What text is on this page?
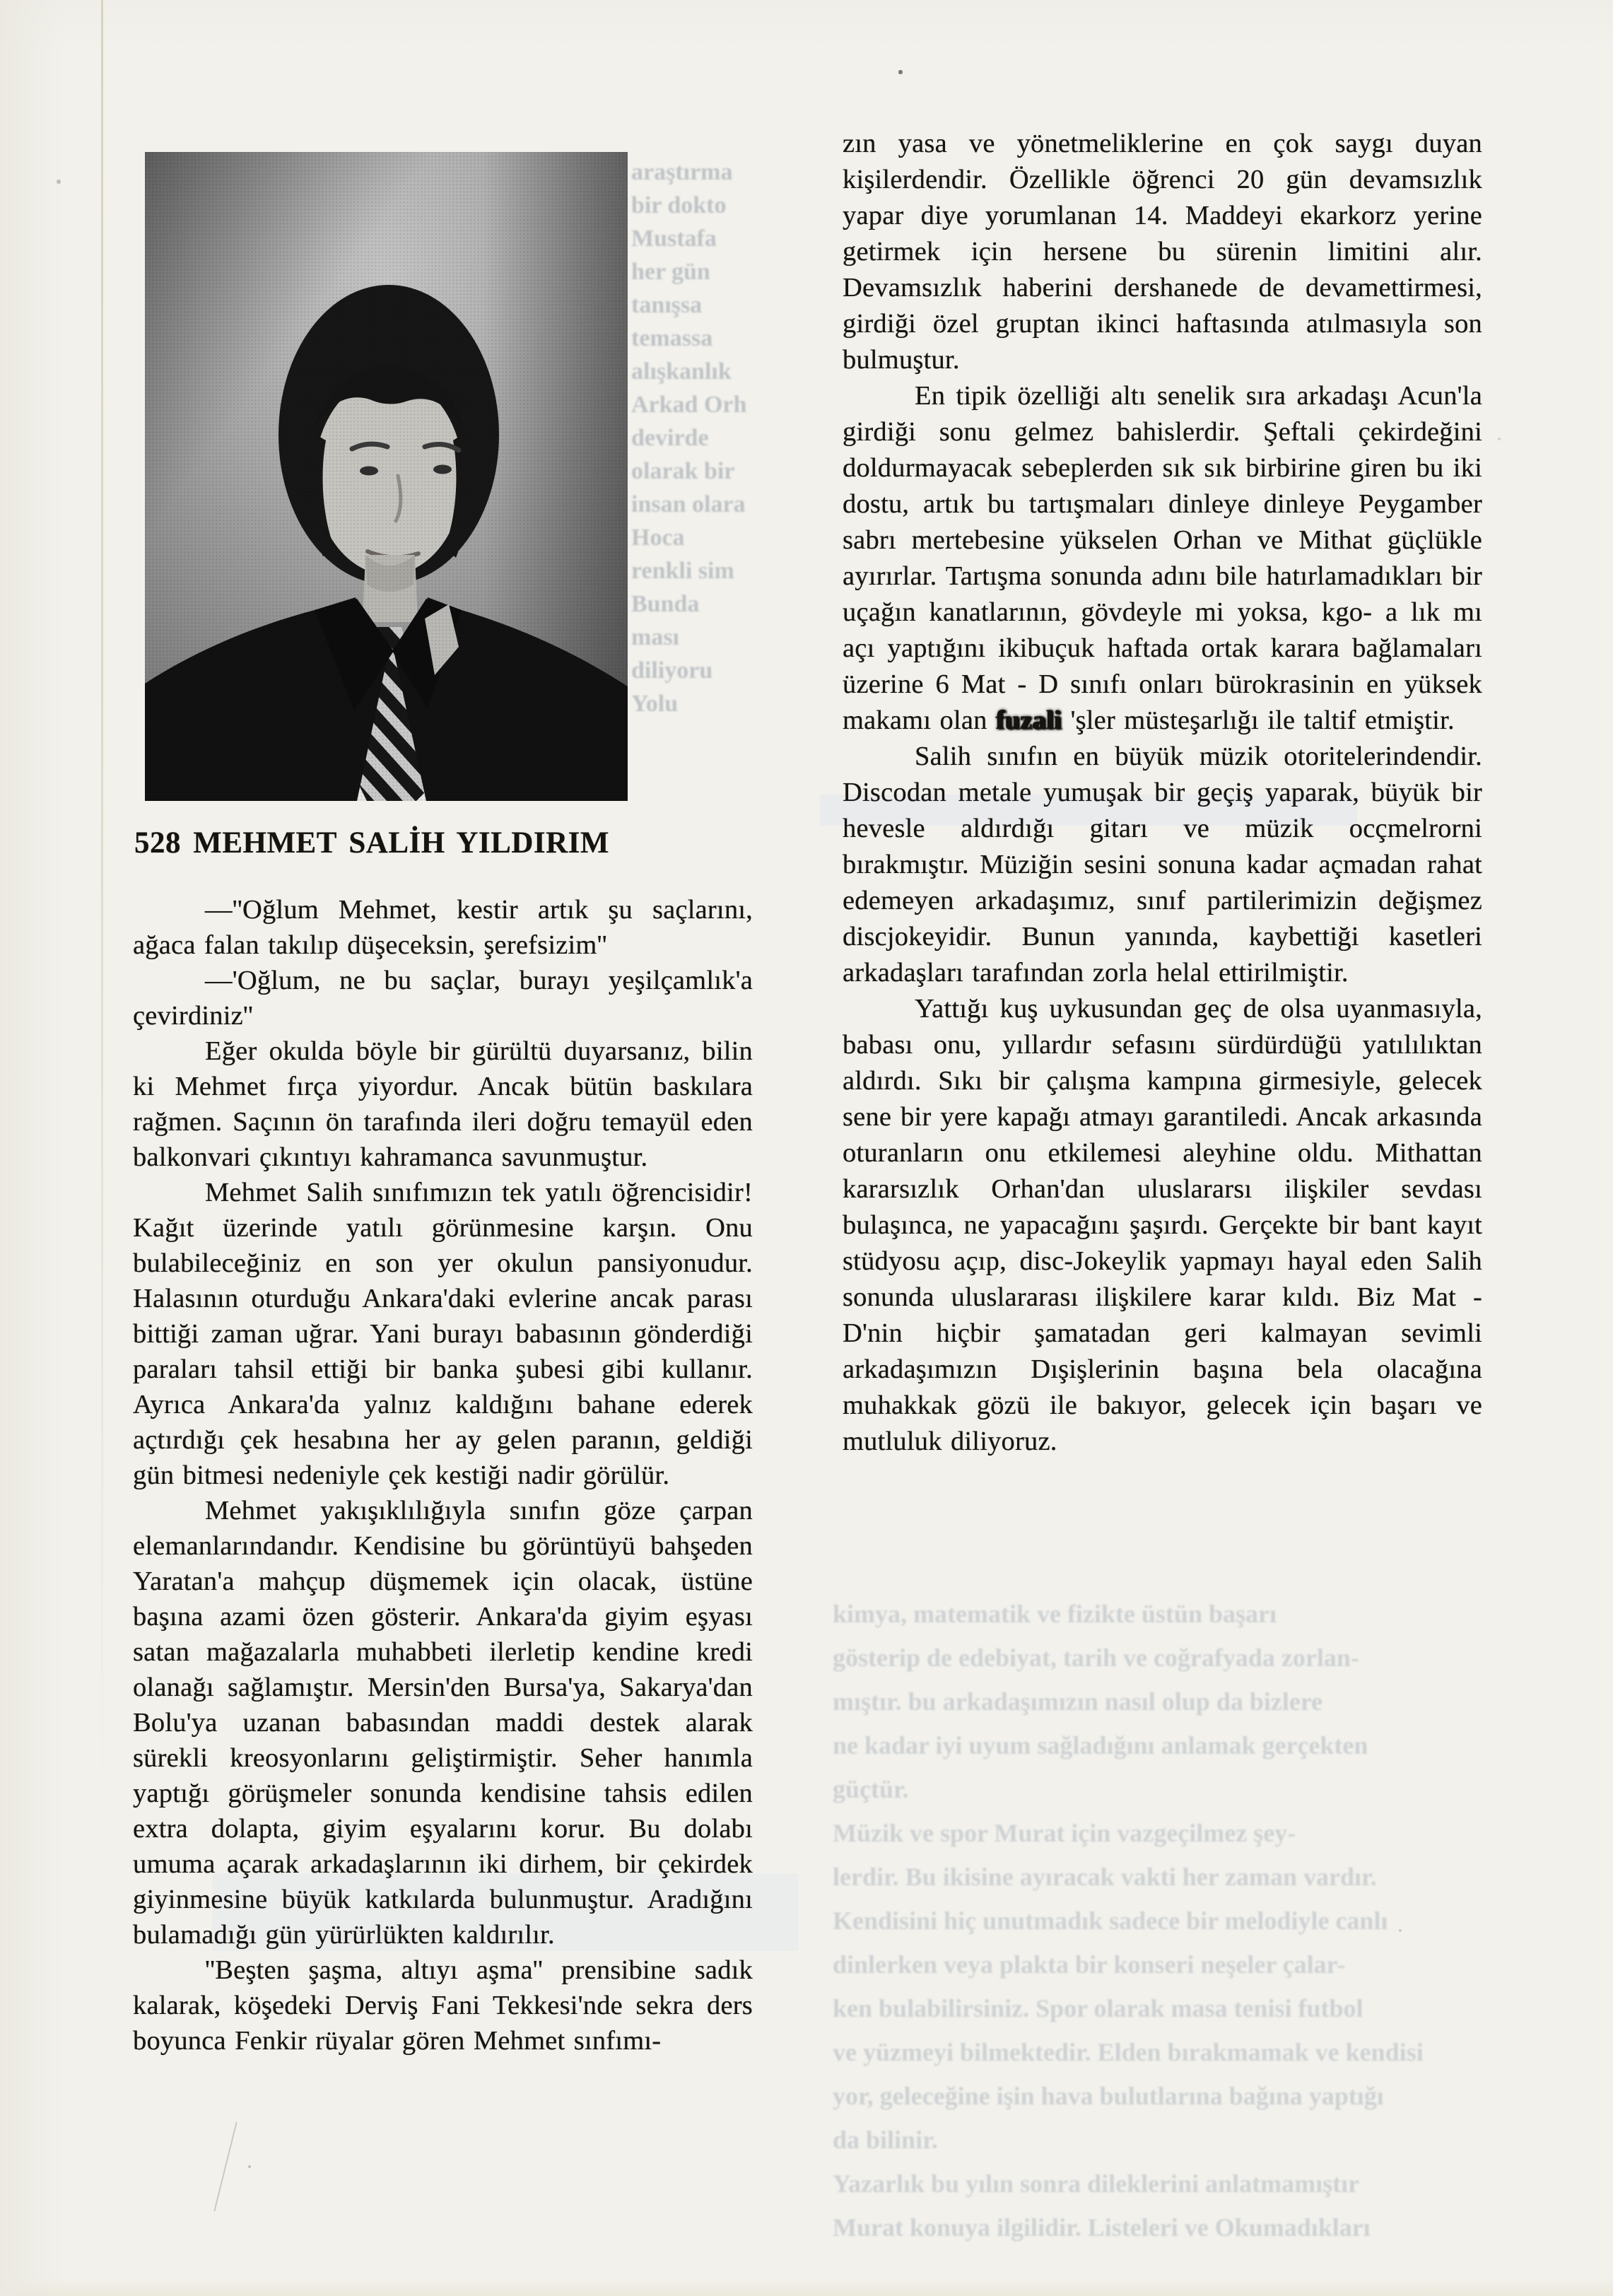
araştırma
bir dokto
Mustafa
her gün
tanışsa
temassa
alışkanlık
Arkad Orh
devirde
olarak bir
insan olara
Hoca
renkli sim
Bunda
ması
diliyoru
Yolu
kimya, matematik ve fizikte üstün başarı
gösterip de edebiyat, tarih ve coğrafyada zorlan-
mıştır. bu arkadaşımızın nasıl olup da bizlere
ne kadar iyi uyum sağladığını anlamak gerçekten
güçtür.
Müzik ve spor Murat için vazgeçilmez şey-
lerdir. Bu ikisine ayıracak vakti her zaman vardır.
Kendisini hiç unutmadık sadece bir melodiyle canlı
dinlerken veya plakta bir konseri neşeler çalar-
ken bulabilirsiniz. Spor olarak masa tenisi futbol
ve yüzmeyi bilmektedir. Elden bırakmamak ve kendisi
yor, geleceğine işin hava bulutlarına bağına yaptığı
da bilinir.
Yazarlık bu yılın sonra dileklerini anlatmamıştır
Murat konuya ilgilidir. Listeleri ve Okumadıkları
528 MEHMET SALİH YILDIRIM

—''Oğlum Mehmet, kestir artık şu saçlarını, ağaca falan takılıp düşeceksin, şerefsizim''

—'Oğlum, ne bu saçlar, burayı yeşilçamlık'a çevirdiniz''

Eğer okulda böyle bir gürültü duyarsanız, bilin ki Mehmet fırça yiyordur. Ancak bütün baskılara rağmen. Saçının ön tarafında ileri doğru temayül eden balkonvari çıkıntıyı kahramanca savunmuştur.

Mehmet Salih sınıfımızın tek yatılı öğrencisidir! Kağıt üzerinde yatılı görünmesine karşın. Onu bulabileceğiniz en son yer okulun pansiyonudur. Halasının oturduğu Ankara'daki evlerine ancak parası bittiği zaman uğrar. Yani burayı babasının gönderdiği paraları tahsil ettiği bir banka şubesi gibi kullanır. Ayrıca Ankara'da yalnız kaldığını bahane ederek açtırdığı çek hesabına her ay gelen paranın, geldiği gün bitmesi nedeniyle çek kestiği nadir görülür.

Mehmet yakışıklılığıyla sınıfın göze çarpan elemanlarındandır. Kendisine bu görüntüyü bahşeden Yaratan'a mahçup düşmemek için olacak, üstüne başına azami özen gösterir. Ankara'da giyim eşyası satan mağazalarla muhabbeti ilerletip kendine kredi olanağı sağlamıştır. Mersin'den Bursa'ya, Sakarya'dan Bolu'ya uzanan babasından maddi destek alarak sürekli kreosyonlarını geliştirmiştir. Seher hanımla yaptığı görüşmeler sonunda kendisine tahsis edilen extra dolapta, giyim eşyalarını korur. Bu dolabı umuma açarak arkadaşlarının iki dirhem, bir çekirdek giyinmesine büyük katkılarda bulunmuştur. Aradığını bulamadığı gün yürürlükten kaldırılır.

''Beşten şaşma, altıyı aşma'' prensibine sadık kalarak, köşedeki Derviş Fani Tekkesi'nde sekra ders boyunca Fenkir rüyalar gören Mehmet sınfımı-

zın yasa ve yönetmeliklerine en çok saygı duyan kişilerdendir. Özellikle öğrenci 20 gün devamsızlık yapar diye yorumlanan 14. Maddeyi ekarkorz yerine getirmek için hersene bu sürenin limitini alır. Devamsızlık haberini dershanede de devamettirmesi, girdiği özel gruptan ikinci haftasında atılmasıyla son bulmuştur.

En tipik özelliği altı senelik sıra arkadaşı Acun'la girdiği sonu gelmez bahislerdir. Şeftali çekirdeğini doldurmayacak sebeplerden sık sık birbirine giren bu iki dostu, artık bu tartışmaları dinleye dinleye Peygamber sabrı mertebesine yükselen Orhan ve Mithat güçlükle ayırırlar. Tartışma sonunda adını bile hatırlamadıkları bir uçağın kanatlarının, gövdeyle mi yoksa, kgo- a lık mı açı yaptığını ikibuçuk haftada ortak karara bağlamaları üzerine 6 Mat - D sınıfı onları bürokrasinin en yüksek makamı olan fuzali 'şler müsteşarlığı ile taltif etmiştir.

Salih sınıfın en büyük müzik otoritelerindendir. Discodan metale yumuşak bir geçiş yaparak, büyük bir hevesle aldırdığı gitarı ve müzik ocçmelrorni bırakmıştır. Müziğin sesini sonuna kadar açmadan rahat edemeyen arkadaşımız, sınıf partilerimizin değişmez discjokeyidir. Bunun yanında, kaybettiği kasetleri arkadaşları tarafından zorla helal ettirilmiştir.

Yattığı kuş uykusundan geç de olsa uyanmasıyla, babası onu, yıllardır sefasını sürdürdüğü yatılılıktan aldırdı. Sıkı bir çalışma kampına girmesiyle, gelecek sene bir yere kapağı atmayı garantiledi. Ancak arkasında oturanların onu etkilemesi aleyhine oldu. Mithattan kararsızlık Orhan'dan uluslararsı ilişkiler sevdası bulaşınca, ne yapacağını şaşırdı. Gerçekte bir bant kayıt stüdyosu açıp, disc-Jokeylik yapmayı hayal eden Salih sonunda uluslararası ilişkilere karar kıldı. Biz Mat - D'nin hiçbir şamatadan geri kalmayan sevimli arkadaşımızın Dışişlerinin başına bela olacağına muhakkak gözü ile bakıyor, gelecek için başarı ve mutluluk diliyoruz.
